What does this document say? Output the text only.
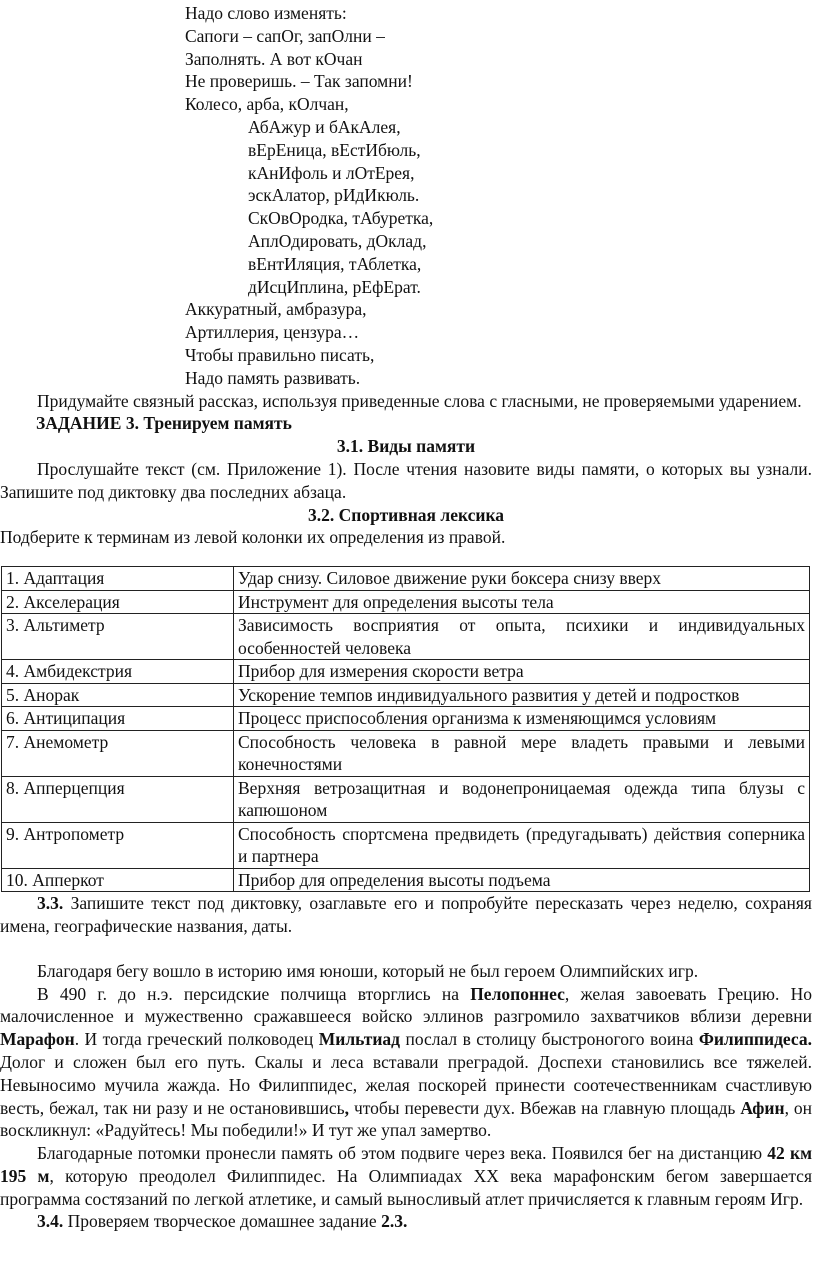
Надо слово изменять:
Сапоги – сапОг, запОлни –
Заполнять. А вот кОчан
Не проверишь. – Так запомни!
Колесо, арба, кОлчан,
АбАжур и бАкАлея,
вЕрЕница, вЕстИбюль,
кАнИфоль и лОтЕрея,
эскАлатор, рИдИкюль.
СкОвОродка, тАбуретка,
АплОдировать, дОклад,
вЕнтИляция, тАблетка,
дИсцИплина, рЕфЕрат.
Аккуратный, амбразура,
Артиллерия, цензура…
Чтобы правильно писать,
Надо память развивать.

Придумайте связный рассказ, используя приведенные слова с гласными, не проверяемыми ударением.

ЗАДАНИЕ 3. Тренируем память

3.1. Виды памяти

Прослушайте текст (см. Приложение 1). После чтения назовите виды памяти, о которых вы узнали. Запишите под диктовку два последних абзаца.

3.2. Спортивная лексика

Подберите к терминам из левой колонки их определения из правой.

1. Адаптация	Удар снизу. Силовое движение руки боксера снизу вверх
2. Акселерация	Инструмент для определения высоты тела
3. Альтиметр	Зависимость восприятия от опыта, психики и индивидуальных особенностей человека
4. Амбидекстрия	Прибор для измерения скорости ветра
5. Анорак	Ускорение темпов индивидуального развития у детей и подростков
6. Антиципация	Процесс приспособления организма к изменяющимся условиям
7. Анемометр	Способность человека в равной мере владеть правыми и левыми конечностями
8. Апперцепция	Верхняя ветрозащитная и водонепроницаемая одежда типа блузы с капюшоном
9. Антропометр	Способность спортсмена предвидеть (предугадывать) действия соперника и партнера
10. Апперкот	Прибор для определения высоты подъема

3.3. Запишите текст под диктовку, озаглавьте его и попробуйте пересказать через неделю, сохраняя имена, географические названия, даты.

Благодаря бегу вошло в историю имя юноши, который не был героем Олимпийских игр.

В 490 г. до н.э. персидские полчища вторглись на Пелопоннес, желая завоевать Грецию. Но малочисленное и мужественно сражавшееся войско эллинов разгромило захватчиков вблизи деревни Марафон. И тогда греческий полководец Мильтиад послал в столицу быстроногого воина Филиппидеса. Долог и сложен был его путь. Скалы и леса вставали преградой. Доспехи становились все тяжелей. Невыносимо мучила жажда. Но Филиппидес, желая поскорей принести соотечественникам счастливую весть, бежал, так ни разу и не остановившись, чтобы перевести дух. Вбежав на главную площадь Афин, он воскликнул: «Радуйтесь! Мы победили!» И тут же упал замертво.

Благодарные потомки пронесли память об этом подвиге через века. Появился бег на дистанцию 42 км 195 м, которую преодолел Филиппидес. На Олимпиадах XX века марафонским бегом завершается программа состязаний по легкой атлетике, и самый выносливый атлет причисляется к главным героям Игр.

3.4. Проверяем творческое домашнее задание 2.3.
